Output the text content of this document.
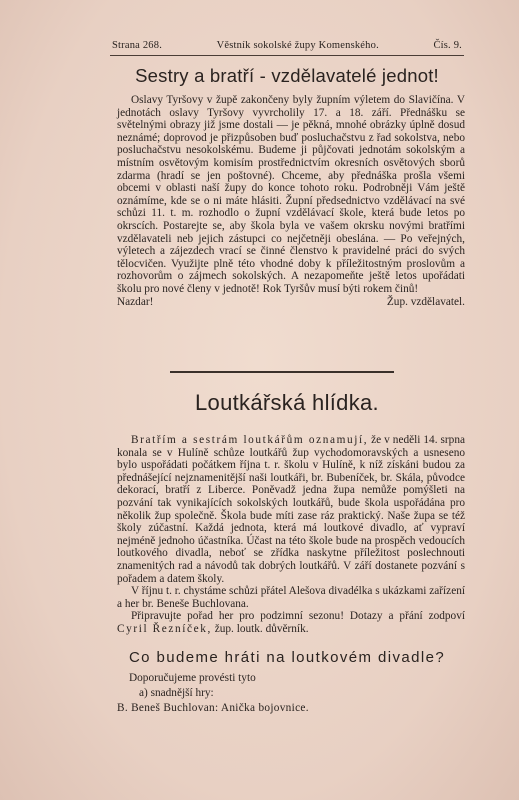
Strana 268.	Věstník sokolské župy Komenského.	Čís. 9.
Sestry a bratří - vzdělavatelé jednot!

Oslavy Tyršovy v župě zakončeny byly župním výletem do Slavičína. V jednotách oslavy Tyršovy vyvrcholily 17. a 18. září. Přednášku se světelnými obrazy již jsme dostali — je pěkná, mnohé obrázky úplně dosud neznámé; doprovod je přizpůsoben buď posluchačstvu z řad sokolstva, nebo posluchačstvu nesokolskému. Budeme ji půjčovati jednotám sokolským a místním osvětovým komisím prostřednictvím okresních osvětových sborů zdarma (hradí se jen poštovné). Chceme, aby přednáška prošla všemi obcemi v oblasti naší župy do konce tohoto roku. Podrobněji Vám ještě oznámíme, kde se o ni máte hlásiti. Župní předsednictvo vzdělávací na své schůzi 11. t. m. rozhodlo o župní vzdělávací škole, která bude letos po okrscích. Postarejte se, aby škola byla ve vašem okrsku novými bratřími vzdělavateli neb jejich zástupci co nejčetněji obeslána. — Po veřejných, výletech a zájezdech vrací se činné členstvo k pravidelné práci do svých tělocvičen. Využijte plně této vhodné doby k příležitostným proslovům a rozhovorům o zájmech sokolských. A nezapomeňte ještě letos upořádati školu pro nové členy v jednotě! Rok Tyršův musí býti rokem činů!

Nazdar!	Žup. vzdělavatel.
Loutkářská hlídka.

Bratřím a sestrám loutkářům oznamují, že v neděli 14. srpna konala se v Hulíně schůze loutkářů žup vychodomoravských a usneseno bylo uspořádati počátkem října t. r. školu v Hulíně, k níž získáni budou za přednášející nejznamenitější naši loutkáři, br. Bubeníček, br. Skála, původce dekorací, bratří z Liberce. Poněvadž jedna župa nemůže pomýšleti na pozvání tak vynikajících sokolských loutkářů, bude škola uspořádána pro několik žup společně. Škola bude míti zase ráz praktický. Naše župa se též školy zúčastní. Každá jednota, která má loutkové divadlo, ať vypraví nejméně jednoho účastníka. Účast na této škole bude na prospěch vedoucích loutkového divadla, neboť se zřídka naskytne příležitost poslechnouti znamenitých rad a návodů tak dobrých loutkářů. V září dostanete pozvání s pořadem a datem školy.

V říjnu t. r. chystáme schůzi přátel Alešova divadélka s ukázkami zařízení a her br. Beneše Buchlovana.

Připravujte pořad her pro podzimní sezonu! Dotazy a přání zodpoví Cyril Řezníček, žup. loutk. důvěrník.

Co budeme hráti na loutkovém divadle?
Doporučujeme provésti tyto
a) snadnější hry:
B. Beneš Buchlovan: Anička bojovnice.
